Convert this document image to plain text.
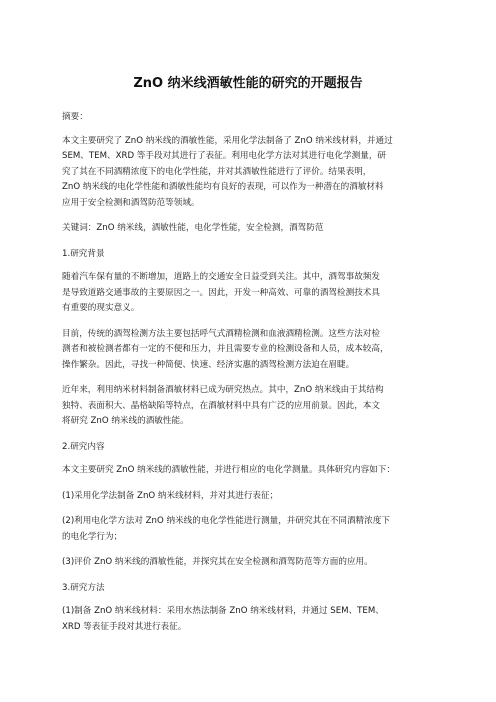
ZnO 纳米线酒敏性能的研究的开题报告

摘要：

本文主要研究了 ZnO 纳米线的酒敏性能，采用化学法制备了 ZnO 纳米线材料，并通过
SEM、TEM、XRD 等手段对其进行了表征。利用电化学方法对其进行电化学测量，研
究了其在不同酒精浓度下的电化学性能，并对其酒敏性能进行了评价。结果表明，
ZnO 纳米线的电化学性能和酒敏性能均有良好的表现，可以作为一种潜在的酒敏材料
应用于安全检测和酒驾防范等领域。

关键词：ZnO 纳米线，酒敏性能，电化学性能，安全检测，酒驾防范

1.研究背景

随着汽车保有量的不断增加，道路上的交通安全日益受到关注。其中，酒驾事故频发
是导致道路交通事故的主要原因之一。因此，开发一种高效、可靠的酒驾检测技术具
有重要的现实意义。

目前，传统的酒驾检测方法主要包括呼气式酒精检测和血液酒精检测。这些方法对检
测者和被检测者都有一定的不便和压力，并且需要专业的检测设备和人员，成本较高，
操作繁杂。因此，寻找一种简便、快速、经济实惠的酒驾检测方法迫在眉睫。

近年来，利用纳米材料制备酒敏材料已成为研究热点。其中，ZnO 纳米线由于其结构
独特、表面积大、晶格缺陷等特点，在酒敏材料中具有广泛的应用前景。因此，本文
将研究 ZnO 纳米线的酒敏性能。

2.研究内容

本文主要研究 ZnO 纳米线的酒敏性能，并进行相应的电化学测量。具体研究内容如下：

(1)采用化学法制备 ZnO 纳米线材料，并对其进行表征；

(2)利用电化学方法对 ZnO 纳米线的电化学性能进行测量，并研究其在不同酒精浓度下
的电化学行为；

(3)评价 ZnO 纳米线的酒敏性能，并探究其在安全检测和酒驾防范等方面的应用。

3.研究方法

(1)制备 ZnO 纳米线材料：采用水热法制备 ZnO 纳米线材料，并通过 SEM、TEM、
XRD 等表征手段对其进行表征。
